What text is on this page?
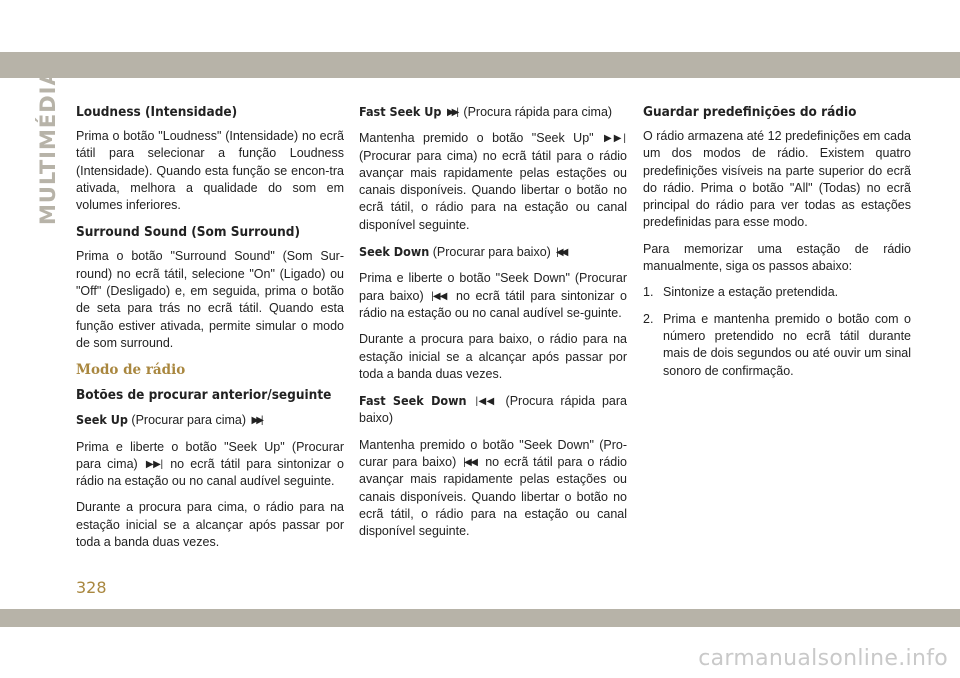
MULTIMÉDIA Loudness (Intensidade)

Prima o botão "Loudness" (Intensidade) no ecrã tátil para selecionar a função Loudness (Intensidade). Quando esta função se encon-tra ativada, melhora a qualidade do som em volumes inferiores.

Surround Sound (Som Surround)

Prima o botão "Surround Sound" (Som Sur-round) no ecrã tátil, selecione "On" (Ligado) ou "Off" (Desligado) e, em seguida, prima o botão de seta para trás no ecrã tátil. Quando esta função estiver ativada, permite simular o modo de som surround.

Modo de rádio
Botões de procurar anterior/seguinte

Seek Up (Procurar para cima) ▶▶|

Prima e liberte o botão "Seek Up" (Procurar para cima) ▶▶| no ecrã tátil para sintonizar o rádio na estação ou no canal audível seguinte.

Durante a procura para cima, o rádio para na estação inicial se a alcançar após passar por toda a banda duas vezes.

Fast Seek Up ▶▶| (Procura rápida para cima)

Mantenha premido o botão "Seek Up" ▶▶| (Procurar para cima) no ecrã tátil para o rádio avançar mais rapidamente pelas estações ou canais disponíveis. Quando libertar o botão no ecrã tátil, o rádio para na estação ou canal disponível seguinte.

Seek Down (Procurar para baixo) |◀◀

Prima e liberte o botão "Seek Down" (Procurar para baixo) |◀◀ no ecrã tátil para sintonizar o rádio na estação ou no canal audível se-guinte.

Durante a procura para baixo, o rádio para na estação inicial se a alcançar após passar por toda a banda duas vezes.

Fast Seek Down |◀◀ (Procura rápida para baixo)

Mantenha premido o botão "Seek Down" (Pro-curar para baixo) |◀◀ no ecrã tátil para o rádio avançar mais rapidamente pelas estações ou canais disponíveis. Quando libertar o botão no ecrã tátil, o rádio para na estação ou canal disponível seguinte.

Guardar predefinições do rádio

O rádio armazena até 12 predefinições em cada um dos modos de rádio. Existem quatro predefinições visíveis na parte superior do ecrã do rádio. Prima o botão "All" (Todas) no ecrã principal do rádio para ver todas as estações predefinidas para esse modo.

Para memorizar uma estação de rádio manualmente, siga os passos abaixo:

1. Sintonize a estação pretendida.
2. Prima e mantenha premido o botão com o número pretendido no ecrã tátil durante mais de dois segundos ou até ouvir um sinal sonoro de confirmação.
328
carmanualsonline.info
